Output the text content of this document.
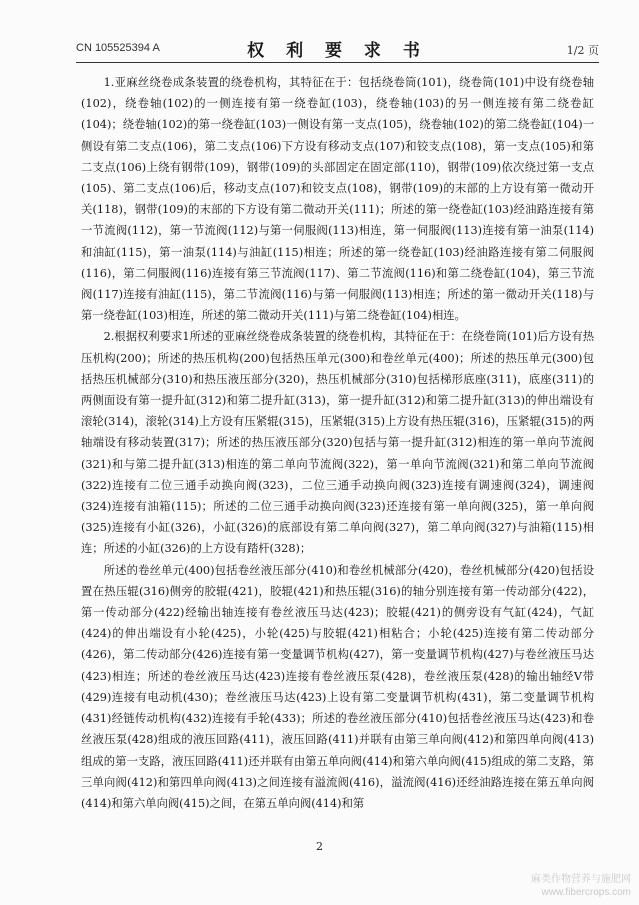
CN 105525394 A	权 利 要 求 书	1/2 页

1.亚麻丝绕卷成条装置的绕卷机构，其特征在于：包括绕卷筒(101)，绕卷筒(101)中设有绕卷轴(102)，绕卷轴(102)的一侧连接有第一绕卷缸(103)，绕卷轴(103)的另一侧连接有第二绕卷缸(104)；绕卷轴(102)的第一绕卷缸(103)一侧设有第一支点(105)，绕卷轴(102)的第二绕卷缸(104)一侧设有第二支点(106)，第二支点(106)下方设有移动支点(107)和铰支点(108)，第一支点(105)和第二支点(106)上绕有钢带(109)，钢带(109)的头部固定在固定部(110)，钢带(109)依次绕过第一支点(105)、第二支点(106)后，移动支点(107)和铰支点(108)，钢带(109)的末部的上方设有第一微动开关(118)，钢带(109)的末部的下方设有第二微动开关(111)；所述的第一绕卷缸(103)经油路连接有第一节流阀(112)，第一节流阀(112)与第一伺服阀(113)相连，第一伺服阀(113)连接有第一油泵(114)和油缸(115)，第一油泵(114)与油缸(115)相连；所述的第一绕卷缸(103)经油路连接有第二伺服阀(116)，第二伺服阀(116)连接有第三节流阀(117)、第二节流阀(116)和第二绕卷缸(104)，第三节流阀(117)连接有油缸(115)，第二节流阀(116)与第一伺服阀(113)相连；所述的第一微动开关(118)与第一绕卷缸(103)相连，所述的第二微动开关(111)与第二绕卷缸(104)相连。

2.根据权利要求1所述的亚麻丝绕卷成条装置的绕卷机构，其特征在于：在绕卷筒(101)后方设有热压机构(200)；所述的热压机构(200)包括热压单元(300)和卷丝单元(400)；所述的热压单元(300)包括热压机械部分(310)和热压液压部分(320)，热压机械部分(310)包括梯形底座(311)，底座(311)的两侧面设有第一提升缸(312)和第二提升缸(313)，第一提升缸(312)和第二提升缸(313)的伸出端设有滚轮(314)，滚轮(314)上方设有压紧辊(315)，压紧辊(315)上方设有热压辊(316)，压紧辊(315)的两轴端设有移动装置(317)；所述的热压液压部分(320)包括与第一提升缸(312)相连的第一单向节流阀(321)和与第二提升缸(313)相连的第二单向节流阀(322)，第一单向节流阀(321)和第二单向节流阀(322)连接有二位三通手动换向阀(323)，二位三通手动换向阀(323)连接有调速阀(324)，调速阀(324)连接有油箱(115)；所述的二位三通手动换向阀(323)还连接有第一单向阀(325)，第一单向阀(325)连接有小缸(326)，小缸(326)的底部设有第二单向阀(327)，第二单向阀(327)与油箱(115)相连；所述的小缸(326)的上方设有踏杆(328)；

所述的卷丝单元(400)包括卷丝液压部分(410)和卷丝机械部分(420)，卷丝机械部分(420)包括设置在热压辊(316)侧旁的胶辊(421)，胶辊(421)和热压辊(316)的轴分别连接有第一传动部分(422)，第一传动部分(422)经输出轴连接有卷丝液压马达(423)；胶辊(421)的侧旁设有气缸(424)，气缸(424)的伸出端设有小轮(425)，小轮(425)与胶辊(421)相粘合；小轮(425)连接有第二传动部分(426)，第二传动部分(426)连接有第一变量调节机构(427)，第一变量调节机构(427)与卷丝液压马达(423)相连；所述的卷丝液压马达(423)连接有卷丝液压泵(428)，卷丝液压泵(428)的输出轴经V带(429)连接有电动机(430)；卷丝液压马达(423)上设有第二变量调节机构(431)，第二变量调节机构(431)经链传动机构(432)连接有手轮(433)；所述的卷丝液压部分(410)包括卷丝液压马达(423)和卷丝液压泵(428)组成的液压回路(411)，液压回路(411)并联有由第三单向阀(412)和第四单向阀(413)组成的第一支路，液压回路(411)还并联有由第五单向阀(414)和第六单向阀(415)组成的第二支路，第三单向阀(412)和第四单向阀(413)之间连接有溢流阀(416)，溢流阀(416)还经油路连接在第五单向阀(414)和第六单向阀(415)之间，在第五单向阀(414)和第

2
麻类作物营养与施肥网
www.fibercrops.com
